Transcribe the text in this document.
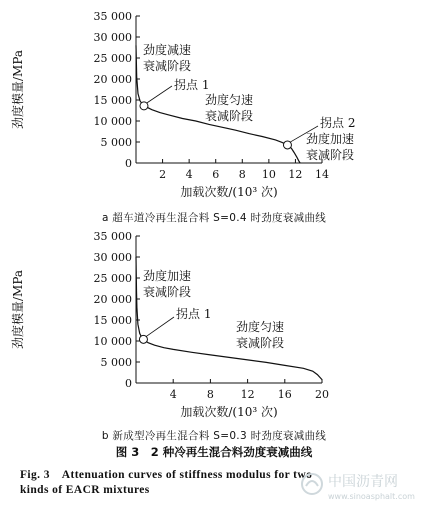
0
5 000
10 000
15 000
20 000
25 000
30 000
35 000
2 4 6 8 10 12 14
加载次数/(10³ 次)
劲度模量/MPa	拐点 1
拐点 2
劲度减速
衰减阶段
劲度匀速
衰减阶段
劲度加速
衰减阶段
0
5 000
10 000
15 000
20 000
25 000
30 000
35 000
4	8 12 16 20
加载次数/(10³ 次)
劲度模量/MPa	拐点 1
劲度加速
衰减阶段
劲度匀速
衰减阶段
a 超车道冷再生混合料 S=0.4 时劲度衰减曲线
b 新成型冷再生混合料 S=0.3 时劲度衰减曲线
图 3　2 种冷再生混合料劲度衰减曲线
Fig. 3　Attenuation curves of stiffness modulus for two
kinds of EACR mixtures	中国沥青网
www.sinoasphalt.com
